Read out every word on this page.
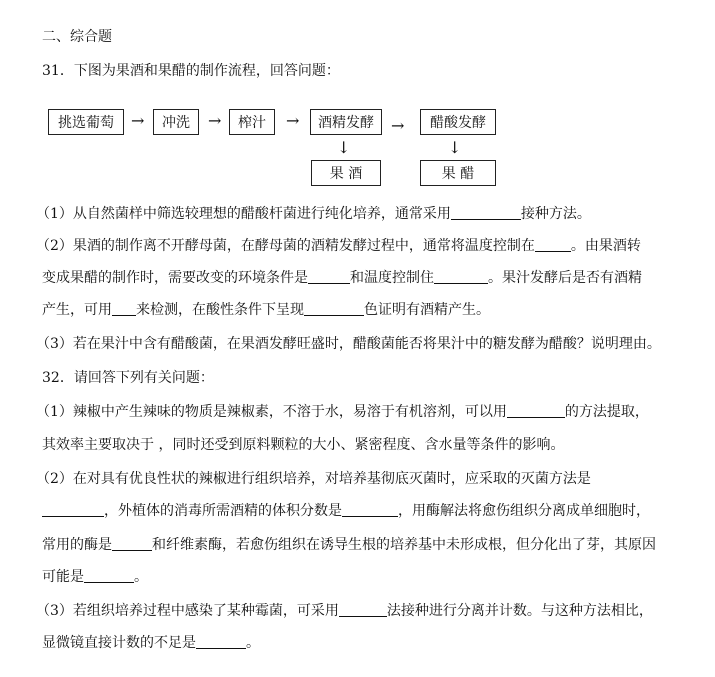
二、综合题
31．下图为果酒和果醋的制作流程，回答问题：
挑选葡萄	→	冲洗	→	榨汁	→	酒精发酵	→	醋酸发酵
↓	↓
果 酒	果 醋
（1）从自然菌样中筛选较理想的醋酸杆菌进行纯化培养，通常采用	接种方法。
（2）果酒的制作离不开酵母菌，在酵母菌的酒精发酵过程中，通常将温度控制在	。由果酒转
变成果醋的制作时，需要改变的环境条件是	和温度控制住	。果汁发酵后是否有酒精
产生，可用 来检测，在酸性条件下呈现	色证明有酒精产生。
（3）若在果汁中含有醋酸菌，在果酒发酵旺盛时，醋酸菌能否将果汁中的糖发酵为醋酸？说明理由。
32．请回答下列有关问题：
（1）辣椒中产生辣味的物质是辣椒素，不溶于水，易溶于有机溶剂，可以用	的方法提取，
其效率主要取决于 ，同时还受到原料颗粒的大小、紧密程度、含水量等条件的影响。
（2）在对具有优良性状的辣椒进行组织培养，对培养基彻底灭菌时，应采取的灭菌方法是
，外植体的消毒所需酒精的体积分数是	，用酶解法将愈伤组织分离成单细胞时，
常用的酶是	和纤维素酶，若愈伤组织在诱导生根的培养基中未形成根，但分化出了芽，其原因
可能是	。
（3）若组织培养过程中感染了某种霉菌，可采用	法接种进行分离并计数。与这种方法相比，
显微镜直接计数的不足是	。
